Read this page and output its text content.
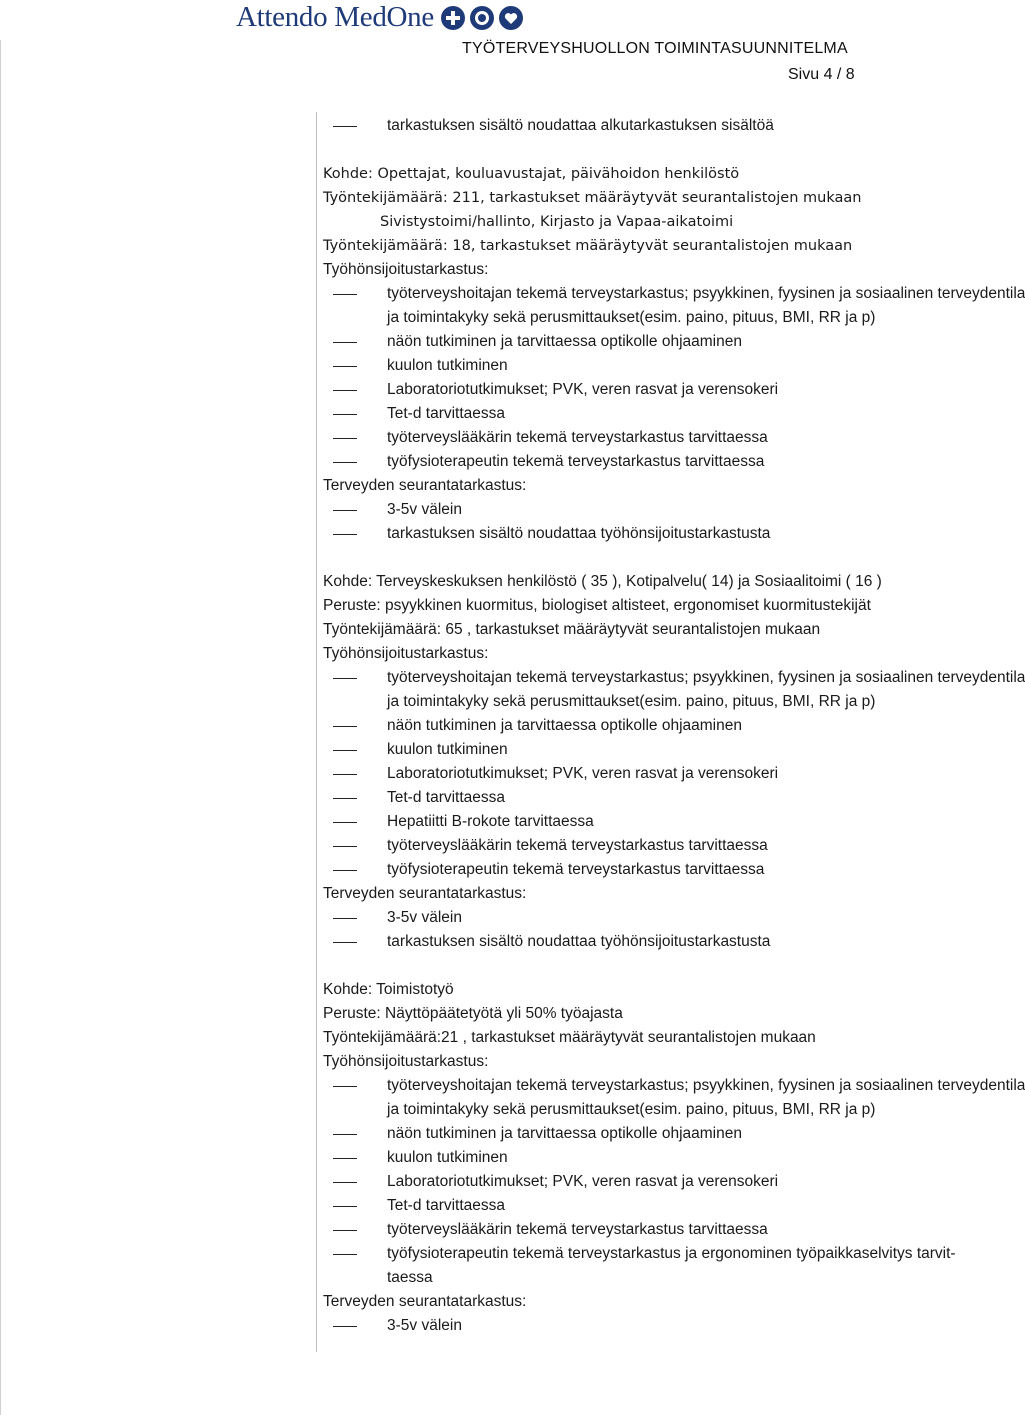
Attendo MedOne
TYÖTERVEYSHUOLLON TOIMINTASUUNNITELMA
Sivu 4 / 8
tarkastuksen sisältö noudattaa alkutarkastuksen sisältöä
Kohde: Opettajat, kouluavustajat, päivähoidon henkilöstö
Työntekijämäärä: 211, tarkastukset määräytyvät seurantalistojen mukaan
Sivistystoimi/hallinto, Kirjasto ja Vapaa-aikatoimi
Työntekijämäärä: 18, tarkastukset määräytyvät seurantalistojen mukaan
Työhönsijoitustarkastus:
työterveyshoitajan tekemä terveystarkastus; psyykkinen, fyysinen ja sosiaalinen terveydentila
ja toimintakyky sekä perusmittaukset(esim. paino, pituus, BMI, RR ja p)
näön tutkiminen ja tarvittaessa optikolle ohjaaminen
kuulon tutkiminen
Laboratoriotutkimukset; PVK, veren rasvat ja verensokeri
Tet-d tarvittaessa
työterveyslääkärin tekemä terveystarkastus tarvittaessa
työfysioterapeutin tekemä terveystarkastus tarvittaessa
Terveyden seurantatarkastus:
3-5v välein
tarkastuksen sisältö noudattaa työhönsijoitustarkastusta
Kohde: Terveyskeskuksen henkilöstö ( 35 ), Kotipalvelu( 14) ja Sosiaalitoimi ( 16 )
Peruste: psyykkinen kuormitus, biologiset altisteet, ergonomiset kuormitustekijät
Työntekijämäärä: 65 , tarkastukset määräytyvät seurantalistojen mukaan
Työhönsijoitustarkastus:
työterveyshoitajan tekemä terveystarkastus; psyykkinen, fyysinen ja sosiaalinen terveydentila
ja toimintakyky sekä perusmittaukset(esim. paino, pituus, BMI, RR ja p)
näön tutkiminen ja tarvittaessa optikolle ohjaaminen
kuulon tutkiminen
Laboratoriotutkimukset; PVK, veren rasvat ja verensokeri
Tet-d tarvittaessa
Hepatiitti B-rokote tarvittaessa
työterveyslääkärin tekemä terveystarkastus tarvittaessa
työfysioterapeutin tekemä terveystarkastus tarvittaessa
Terveyden seurantatarkastus:
3-5v välein
tarkastuksen sisältö noudattaa työhönsijoitustarkastusta
Kohde: Toimistotyö
Peruste: Näyttöpäätetyötä yli 50% työajasta
Työntekijämäärä:21 , tarkastukset määräytyvät seurantalistojen mukaan
Työhönsijoitustarkastus:
työterveyshoitajan tekemä terveystarkastus; psyykkinen, fyysinen ja sosiaalinen terveydentila
ja toimintakyky sekä perusmittaukset(esim. paino, pituus, BMI, RR ja p)
näön tutkiminen ja tarvittaessa optikolle ohjaaminen
kuulon tutkiminen
Laboratoriotutkimukset; PVK, veren rasvat ja verensokeri
Tet-d tarvittaessa
työterveyslääkärin tekemä terveystarkastus tarvittaessa
työfysioterapeutin tekemä terveystarkastus ja ergonominen työpaikkaselvitys tarvit-
taessa
Terveyden seurantatarkastus:
3-5v välein
